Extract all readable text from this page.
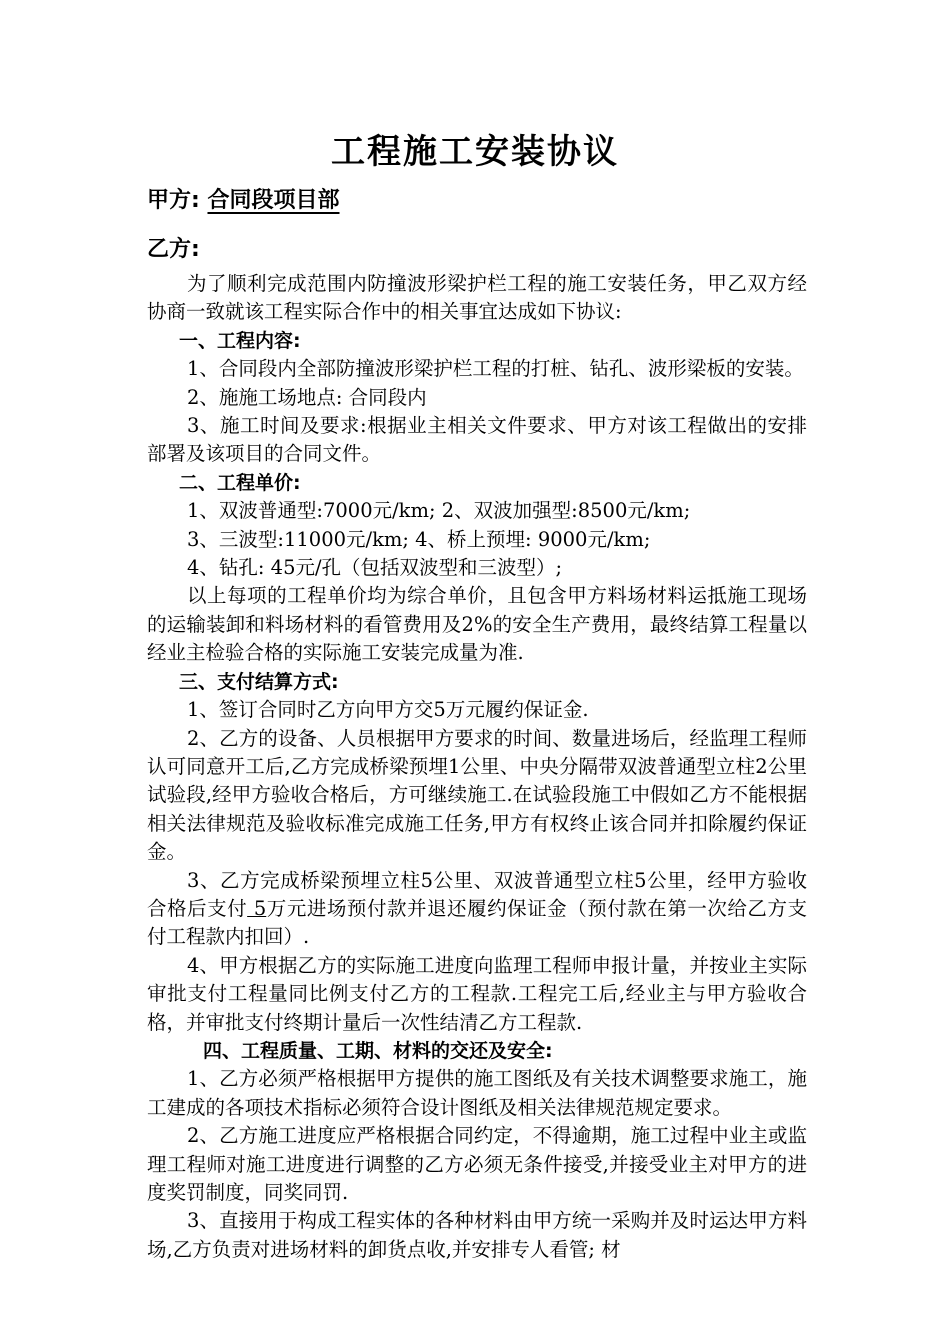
工程施工安装协议
甲方: 合同段项目部
乙方:

为了顺利完成范围内防撞波形梁护栏工程的施工安装任务，甲乙双方经协商一致就该工程实际合作中的相关事宜达成如下协议:

一、工程内容:

1、合同段内全部防撞波形梁护栏工程的打桩、钻孔、波形梁板的安装。

2、施施工场地点: 合同段内

3、施工时间及要求:根据业主相关文件要求、甲方对该工程做出的安排部署及该项目的合同文件。

二、工程单价:

1、双波普通型:7000元/km; 2、双波加强型:8500元/km;

3、三波型:11000元/km; 4、桥上预埋: 9000元/km;

4、钻孔: 45元/孔（包括双波型和三波型）;

以上每项的工程单价均为综合单价，且包含甲方料场材料运抵施工现场的运输装卸和料场材料的看管费用及2%的安全生产费用，最终结算工程量以经业主检验合格的实际施工安装完成量为准.

三、支付结算方式:

1、签订合同时乙方向甲方交5万元履约保证金.

2、乙方的设备、人员根据甲方要求的时间、数量进场后，经监理工程师认可同意开工后,乙方完成桥梁预埋1公里、中央分隔带双波普通型立柱2公里试验段,经甲方验收合格后，方可继续施工.在试验段施工中假如乙方不能根据相关法律规范及验收标准完成施工任务,甲方有权终止该合同并扣除履约保证金。

3、乙方完成桥梁预埋立柱5公里、双波普通型立柱5公里，经甲方验收合格后支付 5万元进场预付款并退还履约保证金（预付款在第一次给乙方支付工程款内扣回）.

4、甲方根据乙方的实际施工进度向监理工程师申报计量，并按业主实际审批支付工程量同比例支付乙方的工程款.工程完工后,经业主与甲方验收合格，并审批支付终期计量后一次性结清乙方工程款.

四、工程质量、工期、材料的交还及安全:

1、乙方必须严格根据甲方提供的施工图纸及有关技术调整要求施工，施工建成的各项技术指标必须符合设计图纸及相关法律规范规定要求。

2、乙方施工进度应严格根据合同约定，不得逾期，施工过程中业主或监理工程师对施工进度进行调整的乙方必须无条件接受,并接受业主对甲方的进度奖罚制度，同奖同罚.

3、直接用于构成工程实体的各种材料由甲方统一采购并及时运达甲方料场,乙方负责对进场材料的卸货点收,并安排专人看管; 材
